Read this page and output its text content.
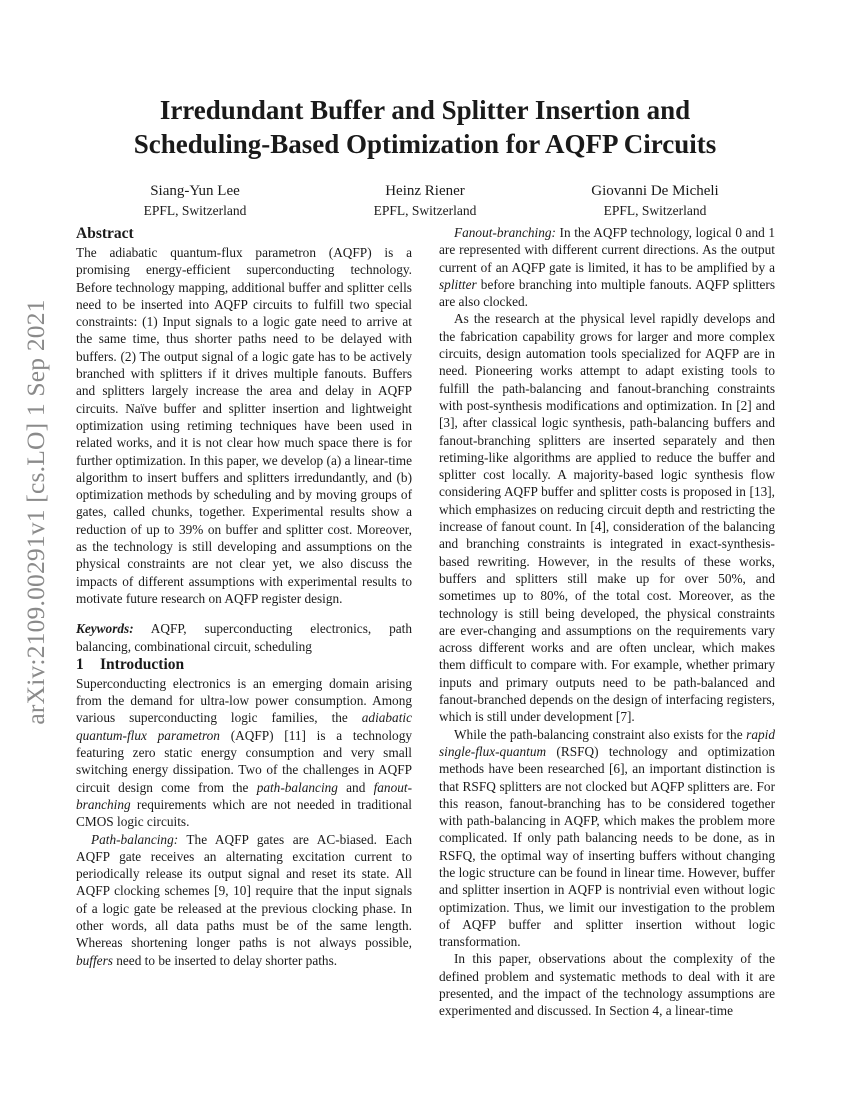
arXiv:2109.00291v1 [cs.LO] 1 Sep 2021
Irredundant Buffer and Splitter Insertion and
Scheduling-Based Optimization for AQFP Circuits
Siang-Yun Lee
EPFL, Switzerland
Heinz Riener
EPFL, Switzerland
Giovanni De Micheli
EPFL, Switzerland

Abstract

The adiabatic quantum-flux parametron (AQFP) is a promising energy-efficient superconducting technology. Before technology mapping, additional buffer and splitter cells need to be inserted into AQFP circuits to fulfill two special constraints: (1) Input signals to a logic gate need to arrive at the same time, thus shorter paths need to be delayed with buffers. (2) The output signal of a logic gate has to be actively branched with splitters if it drives multiple fanouts. Buffers and splitters largely increase the area and delay in AQFP circuits. Naïve buffer and splitter insertion and lightweight optimization using retiming techniques have been used in related works, and it is not clear how much space there is for further optimization. In this paper, we develop (a) a linear-time algorithm to insert buffers and splitters irredundantly, and (b) optimization methods by scheduling and by moving groups of gates, called chunks, together. Experimental results show a reduction of up to 39% on buffer and splitter cost. Moreover, as the technology is still developing and assumptions on the physical constraints are not clear yet, we also discuss the impacts of different assumptions with experimental results to motivate future research on AQFP register design.

Keywords: AQFP, superconducting electronics, path balancing, combinational circuit, scheduling

1 Introduction

Superconducting electronics is an emerging domain arising from the demand for ultra-low power consumption. Among various superconducting logic families, the adiabatic quantum-flux parametron (AQFP) [11] is a technology featuring zero static energy consumption and very small switching energy dissipation. Two of the challenges in AQFP circuit design come from the path-balancing and fanout-branching requirements which are not needed in traditional CMOS logic circuits.

Path-balancing: The AQFP gates are AC-biased. Each AQFP gate receives an alternating excitation current to periodically release its output signal and reset its state. All AQFP clocking schemes [9, 10] require that the input signals of a logic gate be released at the previous clocking phase. In other words, all data paths must be of the same length. Whereas shortening longer paths is not always possible, buffers need to be inserted to delay shorter paths.

Fanout-branching: In the AQFP technology, logical 0 and 1 are represented with different current directions. As the output current of an AQFP gate is limited, it has to be amplified by a splitter before branching into multiple fanouts. AQFP splitters are also clocked.

As the research at the physical level rapidly develops and the fabrication capability grows for larger and more complex circuits, design automation tools specialized for AQFP are in need. Pioneering works attempt to adapt existing tools to fulfill the path-balancing and fanout-branching constraints with post-synthesis modifications and optimization. In [2] and [3], after classical logic synthesis, path-balancing buffers and fanout-branching splitters are inserted separately and then retiming-like algorithms are applied to reduce the buffer and splitter cost locally. A majority-based logic synthesis flow considering AQFP buffer and splitter costs is proposed in [13], which emphasizes on reducing circuit depth and restricting the increase of fanout count. In [4], consideration of the balancing and branching constraints is integrated in exact-synthesis-based rewriting. However, in the results of these works, buffers and splitters still make up for over 50%, and sometimes up to 80%, of the total cost. Moreover, as the technology is still being developed, the physical constraints are ever-changing and assumptions on the requirements vary across different works and are often unclear, which makes them difficult to compare with. For example, whether primary inputs and primary outputs need to be path-balanced and fanout-branched depends on the design of interfacing registers, which is still under development [7].

While the path-balancing constraint also exists for the rapid single-flux-quantum (RSFQ) technology and optimization methods have been researched [6], an important distinction is that RSFQ splitters are not clocked but AQFP splitters are. For this reason, fanout-branching has to be considered together with path-balancing in AQFP, which makes the problem more complicated. If only path balancing needs to be done, as in RSFQ, the optimal way of inserting buffers without changing the logic structure can be found in linear time. However, buffer and splitter insertion in AQFP is nontrivial even without logic optimization. Thus, we limit our investigation to the problem of AQFP buffer and splitter insertion without logic transformation.

In this paper, observations about the complexity of the defined problem and systematic methods to deal with it are presented, and the impact of the technology assumptions are experimented and discussed. In Section 4, a linear-time
